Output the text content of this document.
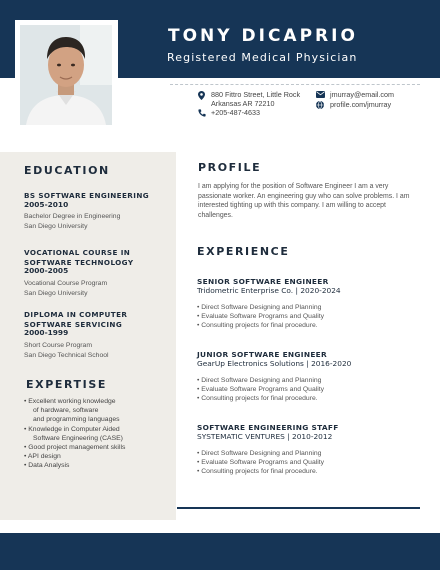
TONY DICAPRIO
Registered Medical Physician
880 Fittro Street, Little Rock
Arkansas AR 72210
+205-487-4633
jmurray@email.com
profile.com/jmurray
EDUCATION
BS SOFTWARE ENGINEERING
2005-2010
Bachelor Degree in Engineering
San Diego University
VOCATIONAL COURSE IN
SOFTWARE TECHNOLOGY
2000-2005
Vocational Course Program
San Diego University
DIPLOMA IN COMPUTER
SOFTWARE SERVICING
2000-1999
Short Course Program
San Diego Technical School
EXPERTISE
• Excellent working knowledge
of hardware, software
and programming languages
• Knowledge in Computer Aided
Software Engineering (CASE)
• Good project management skills
• API design
• Data Analysis
PROFILE
I am applying for the position of Software Engineer I am a very passionate worker. An engineering guy who can solve problems. I am interested tighting up with this company. I am willing to accept challenges.
EXPERIENCE
SENIOR SOFTWARE ENGINEER
Tridometric Enterprise Co. | 2020-2024
• Direct Software Designing and Planning
• Evaluate Software Programs and Quality
• Consulting projects for final procedure.
JUNIOR SOFTWARE ENGINEER
GearUp Electronics Solutions | 2016-2020
• Direct Software Designing and Planning
• Evaluate Software Programs and Quality
• Consulting projects for final procedure.
SOFTWARE ENGINEERING STAFF
SYSTEMATIC VENTURES | 2010-2012
• Direct Software Designing and Planning
• Evaluate Software Programs and Quality
• Consulting projects for final procedure.
